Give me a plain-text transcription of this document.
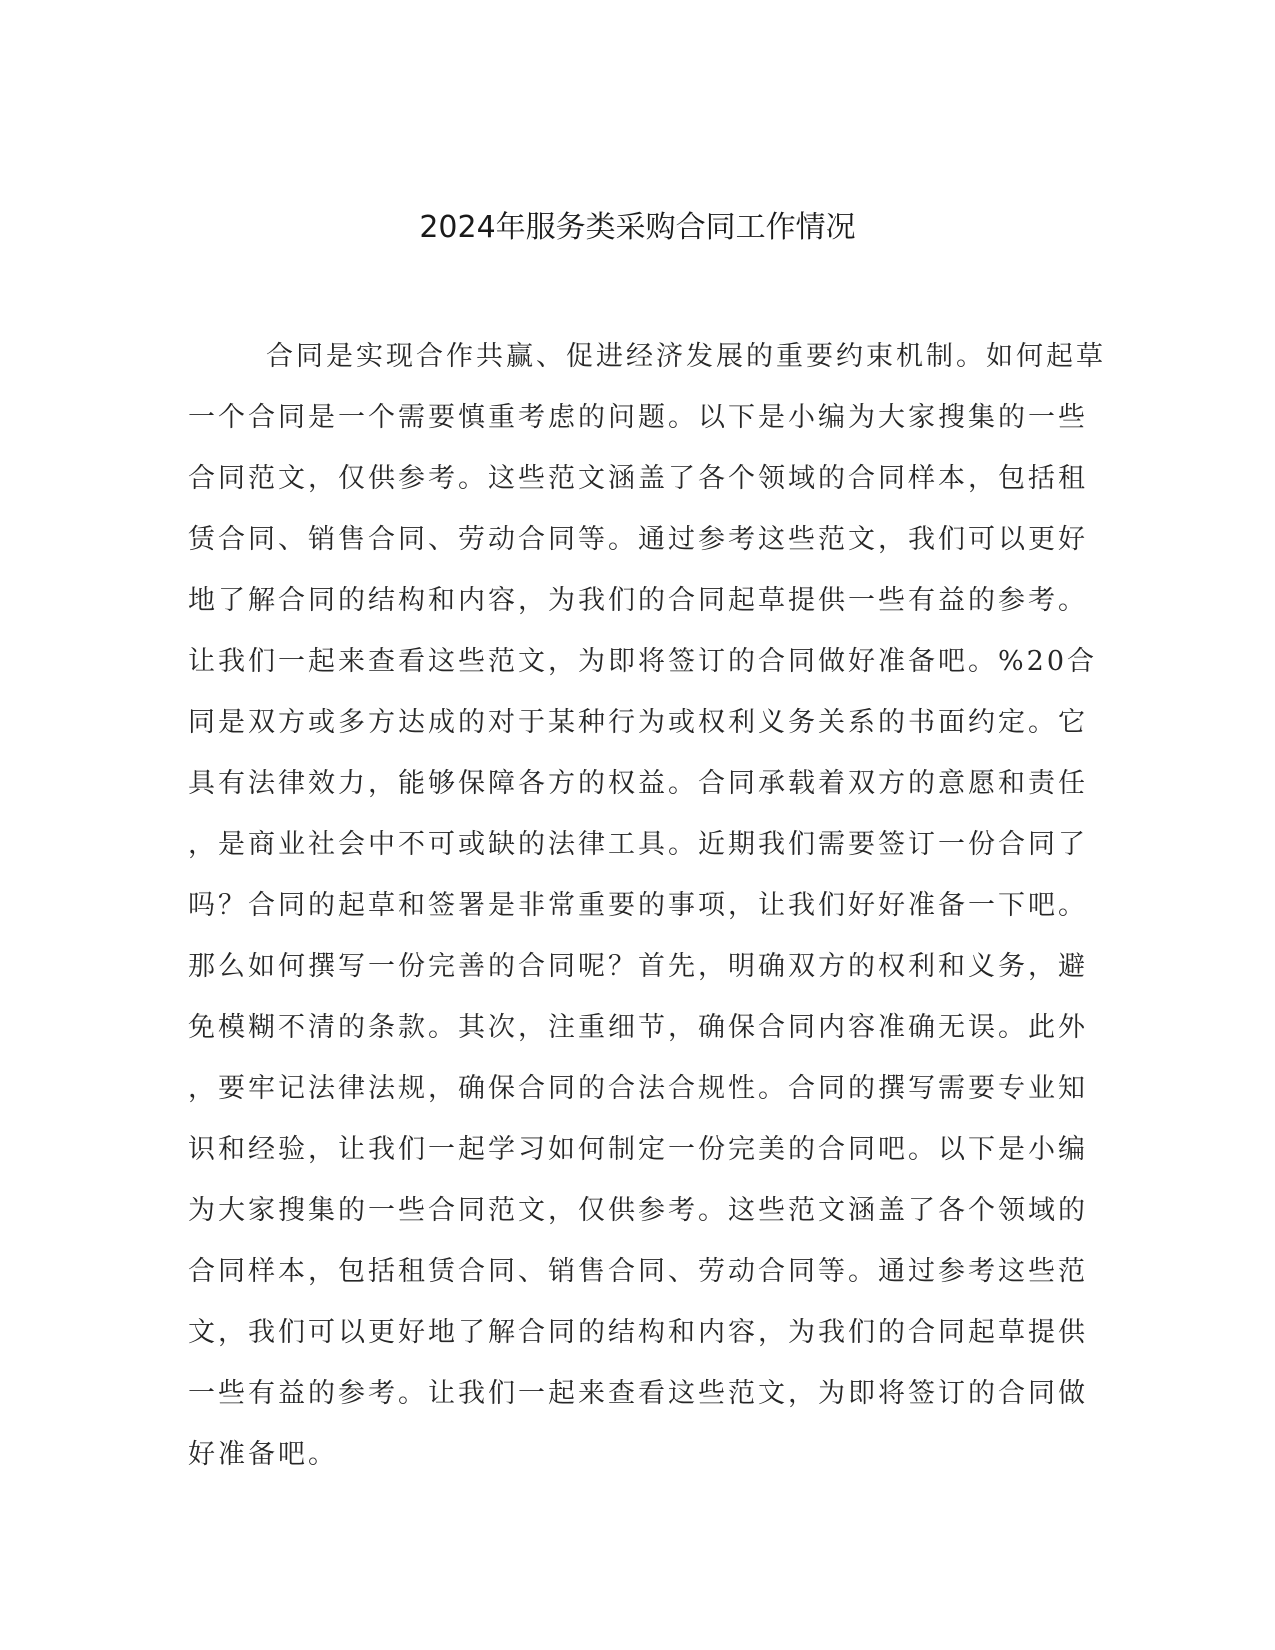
2024年服务类采购合同工作情况
合同是实现合作共赢、促进经济发展的重要约束机制。如何起草
一个合同是一个需要慎重考虑的问题。以下是小编为大家搜集的一些
合同范文，仅供参考。这些范文涵盖了各个领域的合同样本，包括租
赁合同、销售合同、劳动合同等。通过参考这些范文，我们可以更好
地了解合同的结构和内容，为我们的合同起草提供一些有益的参考。
让我们一起来查看这些范文，为即将签订的合同做好准备吧。%20合
同是双方或多方达成的对于某种行为或权利义务关系的书面约定。它
具有法律效力，能够保障各方的权益。合同承载着双方的意愿和责任
，是商业社会中不可或缺的法律工具。近期我们需要签订一份合同了
吗？合同的起草和签署是非常重要的事项，让我们好好准备一下吧。
那么如何撰写一份完善的合同呢？首先，明确双方的权利和义务，避
免模糊不清的条款。其次，注重细节，确保合同内容准确无误。此外
，要牢记法律法规，确保合同的合法合规性。合同的撰写需要专业知
识和经验，让我们一起学习如何制定一份完美的合同吧。以下是小编
为大家搜集的一些合同范文，仅供参考。这些范文涵盖了各个领域的
合同样本，包括租赁合同、销售合同、劳动合同等。通过参考这些范
文，我们可以更好地了解合同的结构和内容，为我们的合同起草提供
一些有益的参考。让我们一起来查看这些范文，为即将签订的合同做
好准备吧。
